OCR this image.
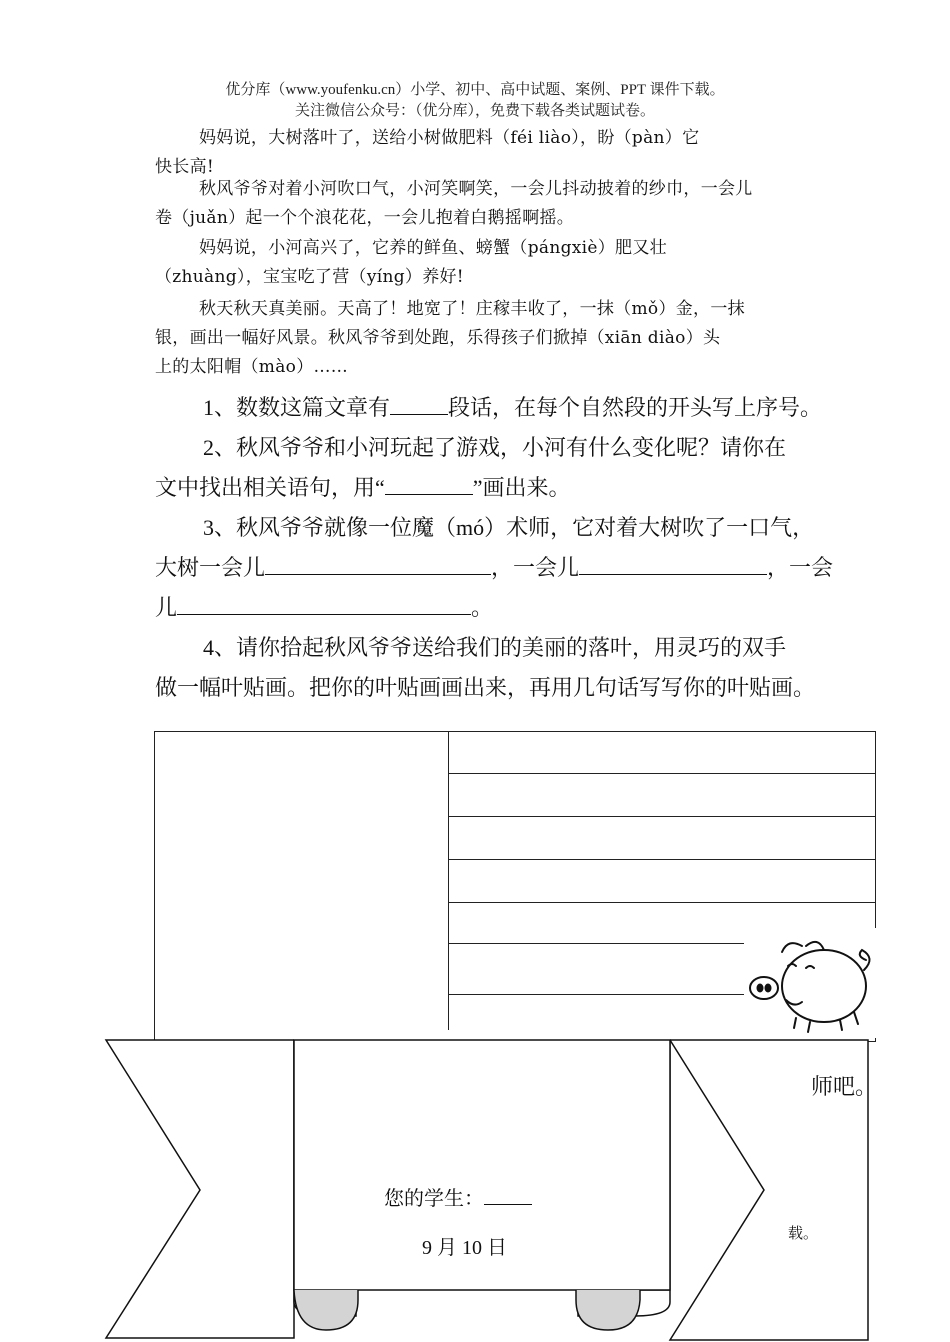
优分库（www.youfenku.cn）小学、初中、高中试题、案例、PPT 课件下载。
关注微信公众号：（优分库），免费下载各类试题试卷。
妈妈说，大树落叶了，送给小树做肥料（féi liào），盼（pàn）它
快长高!
秋风爷爷对着小河吹口气，小河笑啊笑，一会儿抖动披着的纱巾，一会儿
卷（juǎn）起一个个浪花花，一会儿抱着白鹅摇啊摇。
妈妈说，小河高兴了，它养的鲜鱼、螃蟹（pángxiè）肥又壮
（zhuàng），宝宝吃了营（yíng）养好!
秋天秋天真美丽。天高了！地宽了！庄稼丰收了，一抹（mǒ）金，一抹
银，画出一幅好风景。秋风爷爷到处跑，乐得孩子们掀掉（xiān diào）头
上的太阳帽（mào）……
1、数数这篇文章有	段话，在每个自然段的开头写上序号。
2、秋风爷爷和小河玩起了游戏，小河有什么变化呢？请你在
文中找出相关语句，用“	”画出来。
3、秋风爷爷就像一位魔（mó）术师，它对着大树吹了一口气，
大树一会儿	，一会儿	，一会
儿	。
4、请你拾起秋风爷爷送给我们的美丽的落叶，用灵巧的双手
做一幅叶贴画。把你的叶贴画画出来，再用几句话写写你的叶贴画。
师吧。
载。
您的学生：
9 月 10 日
